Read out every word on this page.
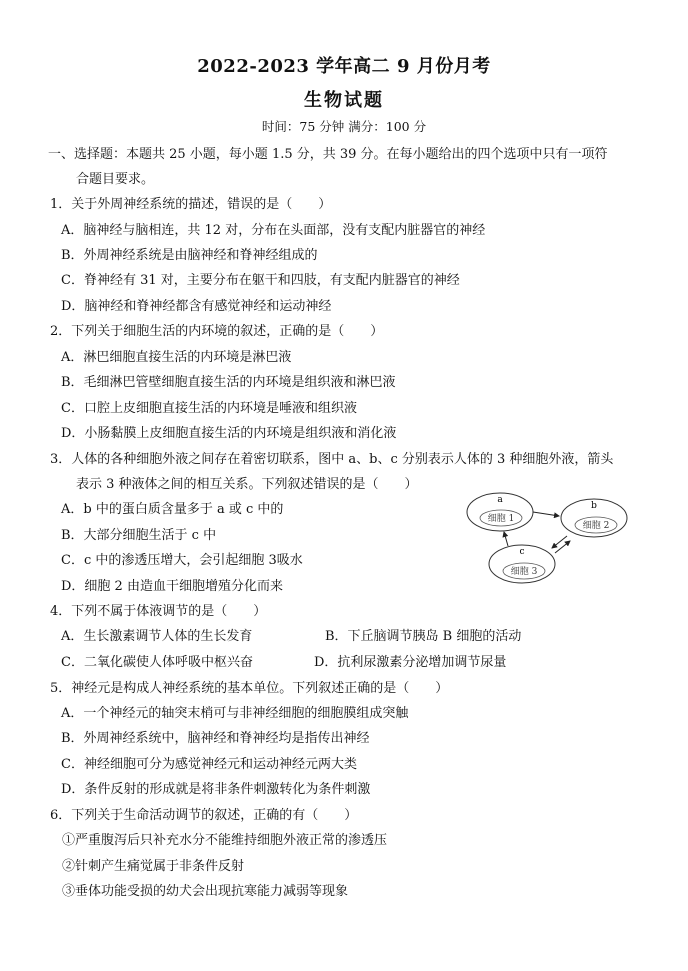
2022-2023 学年高二 9 月份月考
生物试题
时间：75 分钟 满分：100 分
一、选择题：本题共 25 小题，每小题 1.5 分，共 39 分。在每小题给出的四个选项中只有一项符
合题目要求。
1．关于外周神经系统的描述，错误的是（　　）
A．脑神经与脑相连，共 12 对，分布在头面部，没有支配内脏器官的神经
B．外周神经系统是由脑神经和脊神经组成的
C．脊神经有 31 对，主要分布在躯干和四肢，有支配内脏器官的神经
D．脑神经和脊神经都含有感觉神经和运动神经
2．下列关于细胞生活的内环境的叙述，正确的是（　　）
A．淋巴细胞直接生活的内环境是淋巴液
B．毛细淋巴管壁细胞直接生活的内环境是组织液和淋巴液
C．口腔上皮细胞直接生活的内环境是唾液和组织液
D．小肠黏膜上皮细胞直接生活的内环境是组织液和消化液
3．人体的各种细胞外液之间存在着密切联系，图中 a、b、c 分别表示人体的 3 种细胞外液，箭头
表示 3 种液体之间的相互关系。下列叙述错误的是（　　）
A．b 中的蛋白质含量多于 a 或 c 中的
B．大部分细胞生活于 c 中
C．c 中的渗透压增大，会引起细胞 3吸水
D．细胞 2 由造血干细胞增殖分化而来
a
细胞 1
b
细胞 2
c
细胞 3
4．下列不属于体液调节的是（　　）
A．生长激素调节人体的生长发育	B．下丘脑调节胰岛 B 细胞的活动
C．二氧化碳使人体呼吸中枢兴奋	D．抗利尿激素分泌增加调节尿量
5．神经元是构成人神经系统的基本单位。下列叙述正确的是（　　）
A．一个神经元的轴突末梢可与非神经细胞的细胞膜组成突触
B．外周神经系统中，脑神经和脊神经均是指传出神经
C．神经细胞可分为感觉神经元和运动神经元两大类
D．条件反射的形成就是将非条件刺激转化为条件刺激
6．下列关于生命活动调节的叙述，正确的有（　　）
①严重腹泻后只补充水分不能维持细胞外液正常的渗透压
②针刺产生痛觉属于非条件反射
③垂体功能受损的幼犬会出现抗寒能力减弱等现象
